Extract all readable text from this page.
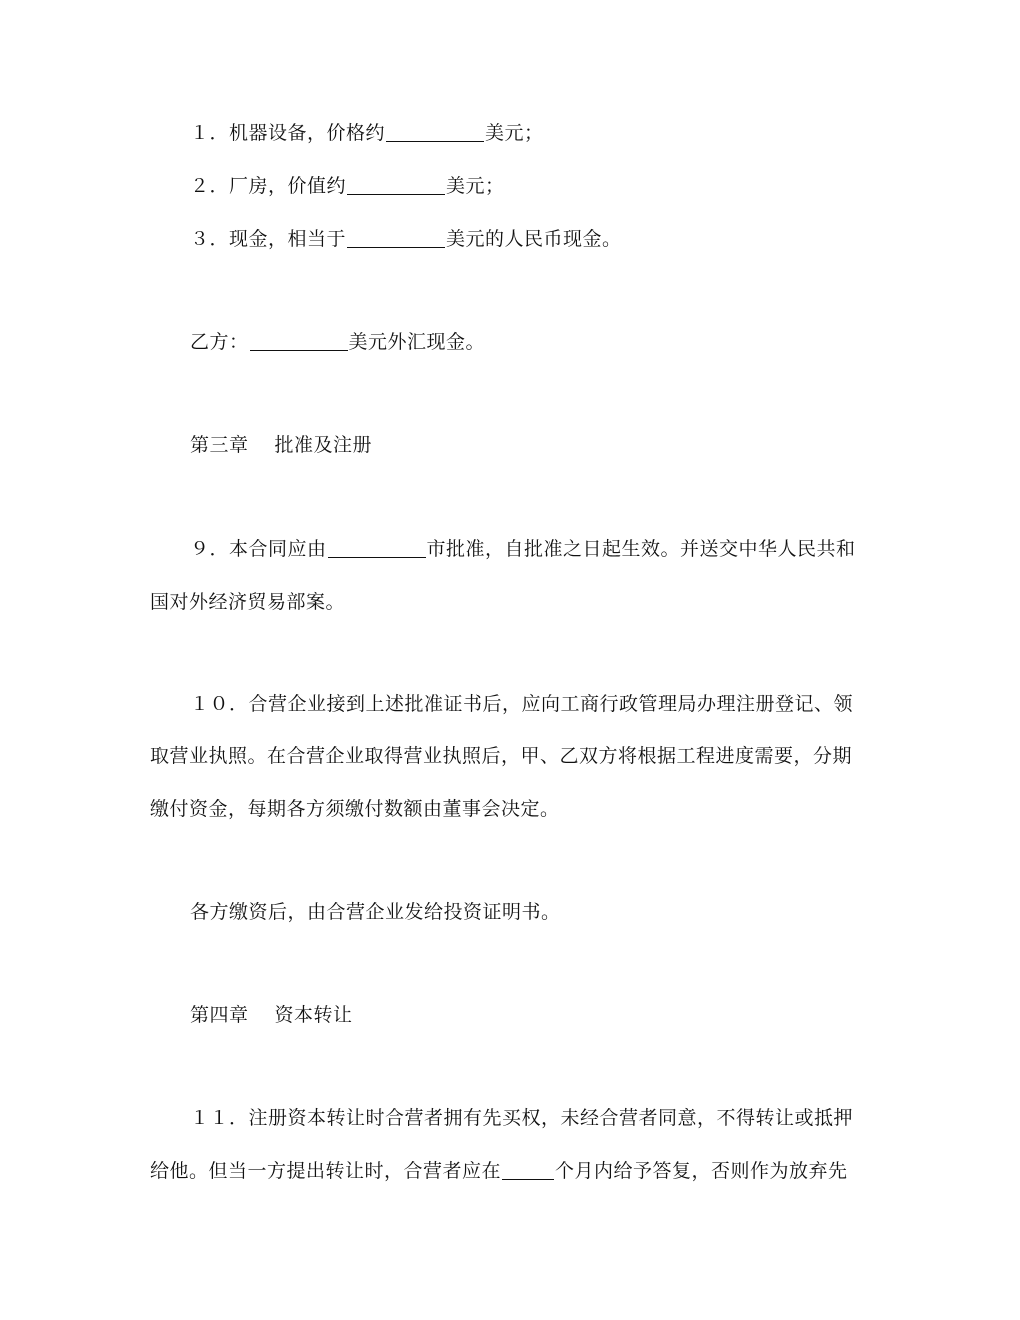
１．机器设备，价格约	美元；
２．厂房，价值约	美元；
３．现金，相当于	美元的人民币现金。
乙方：	美元外汇现金。
第三章 批准及注册
９．本合同应由	市批准，自批准之日起生效。并送交中华人民共和
国对外经济贸易部案。
１０．合营企业接到上述批准证书后，应向工商行政管理局办理注册登记、领
取营业执照。在合营企业取得营业执照后，甲、乙双方将根据工程进度需要，分期
缴付资金，每期各方须缴付数额由董事会决定。
各方缴资后，由合营企业发给投资证明书。
第四章 资本转让
１１．注册资本转让时合营者拥有先买权，未经合营者同意，不得转让或抵押
给他。但当一方提出转让时，合营者应在	个月内给予答复，否则作为放弃先
